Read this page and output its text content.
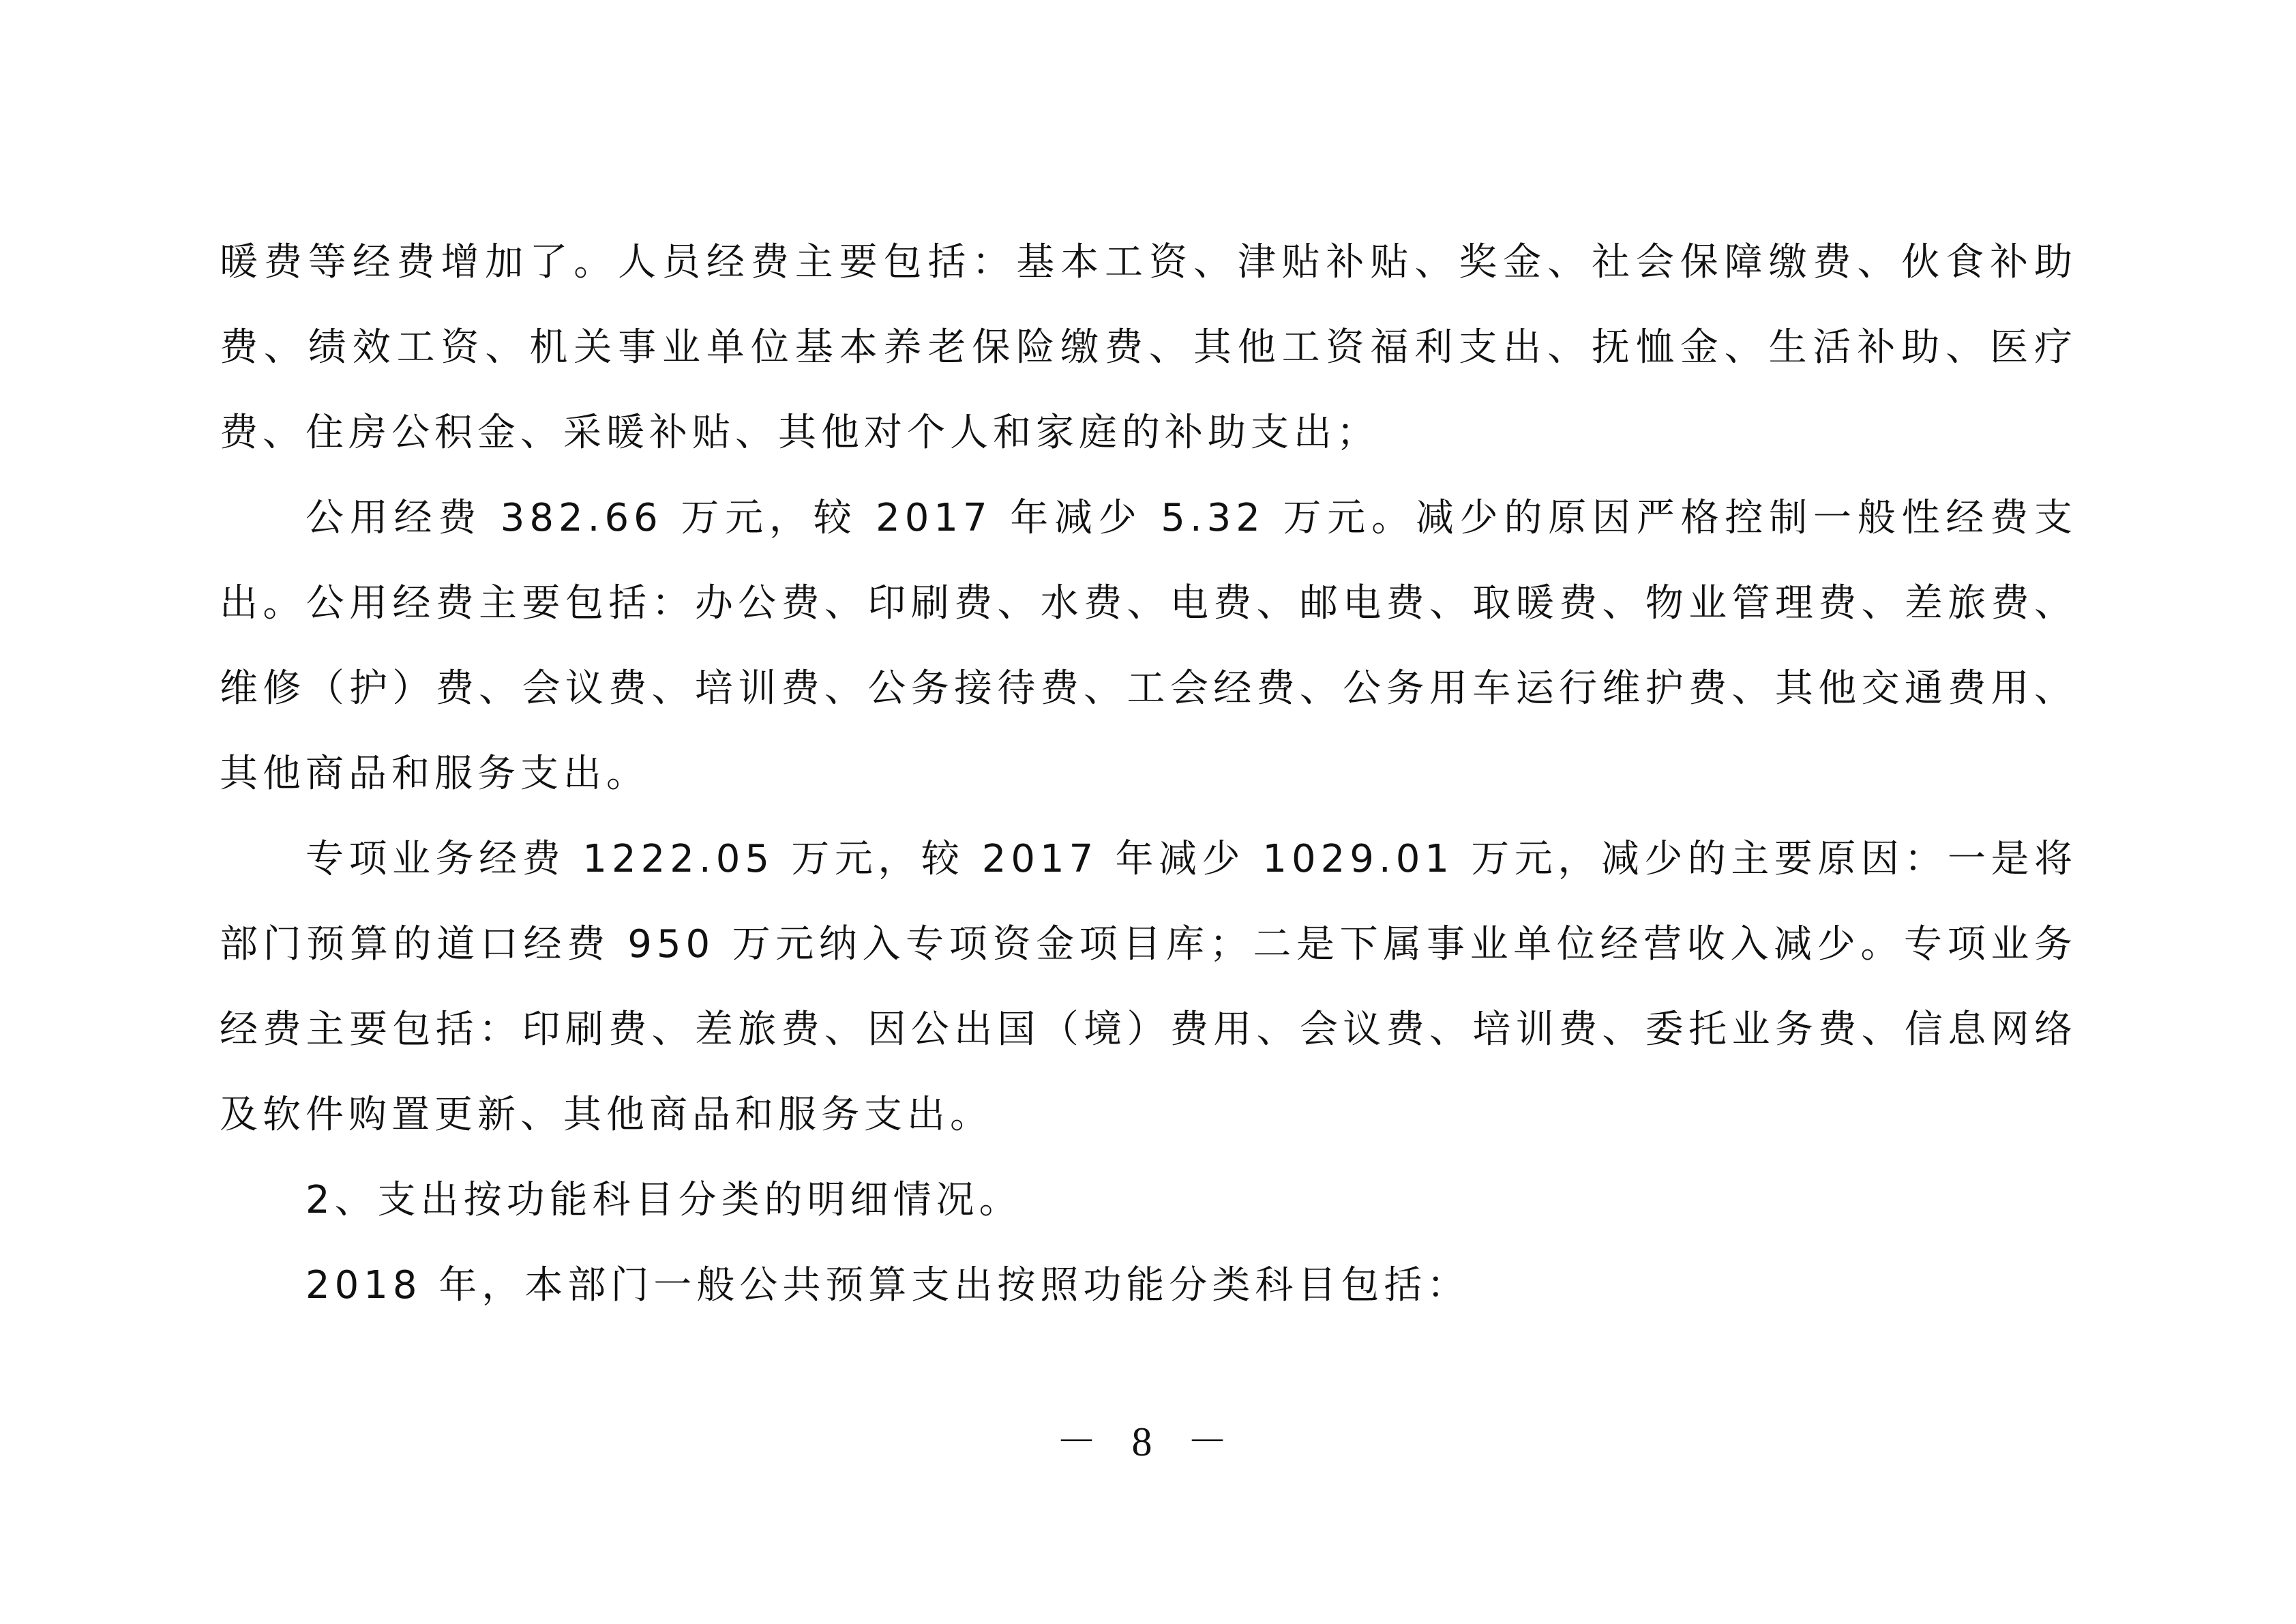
暖费等经费增加了。人员经费主要包括：基本工资、津贴补贴、奖金、社会保障缴费、伙食补助费、绩效工资、机关事业单位基本养老保险缴费、其他工资福利支出、抚恤金、生活补助、医疗费、住房公积金、采暖补贴、其他对个人和家庭的补助支出；

公用经费 382.66 万元，较 2017 年减少 5.32 万元。减少的原因严格控制一般性经费支出。公用经费主要包括：办公费、印刷费、水费、电费、邮电费、取暖费、物业管理费、差旅费、维修（护）费、会议费、培训费、公务接待费、工会经费、公务用车运行维护费、其他交通费用、其他商品和服务支出。

专项业务经费 1222.05 万元，较 2017 年减少 1029.01 万元，减少的主要原因：一是将部门预算的道口经费 950 万元纳入专项资金项目库；二是下属事业单位经营收入减少。专项业务经费主要包括：印刷费、差旅费、因公出国（境）费用、会议费、培训费、委托业务费、信息网络及软件购置更新、其他商品和服务支出。

2、支出按功能科目分类的明细情况。

2018 年，本部门一般公共预算支出按照功能分类科目包括：

－ 8 －
